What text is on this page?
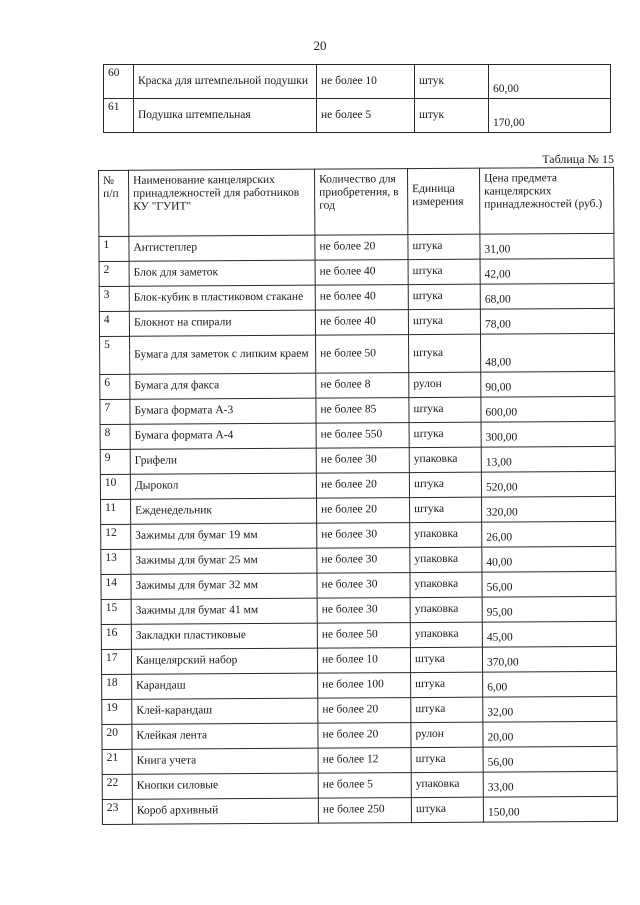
20
60	Краска для штемпельной подушки	не более 10	штук	60,00
61	Подушка штемпельная	не более 5	штук	170,00
Таблица № 15
№ п/п	Наименование канцелярских принадлежностей для работников КУ "ГУИТ"	Количество для приобретения, в год	Единица измерения	Цена предмета канцелярских принадлежностей (руб.)
1	Антистеплер	не более 20	штука	31,00
2	Блок для заметок	не более 40	штука	42,00
3	Блок-кубик в пластиковом стакане	не более 40	штука	68,00
4	Блокнот на спирали	не более 40	штука	78,00
5	Бумага для заметок с липким краем	не более 50	штука	48,00
6	Бумага для факса	не более 8	рулон	90,00
7	Бумага формата А-3	не более 85	штука	600,00
8	Бумага формата А-4	не более 550	штука	300,00
9	Грифели	не более 30	упаковка	13,00
10	Дырокол	не более 20	штука	520,00
11	Ежденедельник	не более 20	штука	320,00
12	Зажимы для бумаг 19 мм	не более 30	упаковка	26,00
13	Зажимы для бумаг 25 мм	не более 30	упаковка	40,00
14	Зажимы для бумаг 32 мм	не более 30	упаковка	56,00
15	Зажимы для бумаг 41 мм	не более 30	упаковка	95,00
16	Закладки пластиковые	не более 50	упаковка	45,00
17	Канцелярский набор	не более 10	штука	370,00
18	Карандаш	не более 100	штука	6,00
19	Клей-карандаш	не более 20	штука	32,00
20	Клейкая лента	не более 20	рулон	20,00
21	Книга учета	не более 12	штука	56,00
22	Кнопки силовые	не более 5	упаковка	33,00
23	Короб архивный	не более 250	штука	150,00
